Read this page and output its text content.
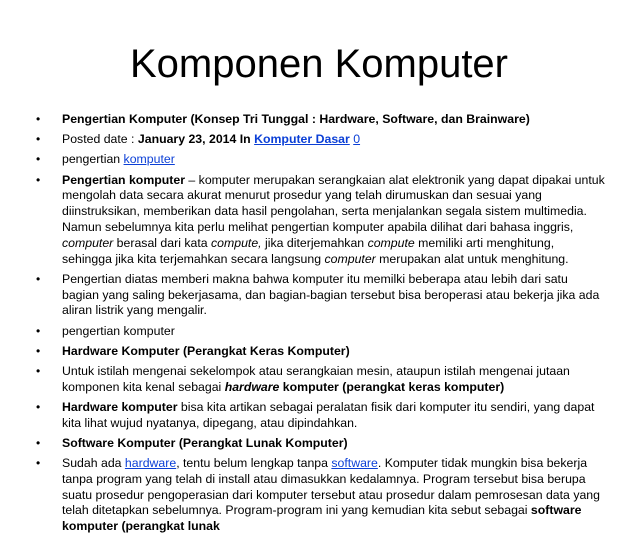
Komponen Komputer
• Pengertian Komputer (Konsep Tri Tunggal : Hardware, Software, dan Brainware)
• Posted date : January 23, 2014 In Komputer Dasar 0
• pengertian komputer
• Pengertian komputer – komputer merupakan serangkaian alat elektronik yang dapat dipakai untuk mengolah data secara akurat menurut prosedur yang telah dirumuskan dan sesuai yang diinstruksikan, memberikan data hasil pengolahan, serta menjalankan segala sistem multimedia. Namun sebelumnya kita perlu melihat pengertian komputer apabila dilihat dari bahasa inggris, computer berasal dari kata compute, jika diterjemahkan compute memiliki arti menghitung, sehingga jika kita terjemahkan secara langsung computer merupakan alat untuk menghitung.
• Pengertian diatas memberi makna bahwa komputer itu memilki beberapa atau lebih dari satu bagian yang saling bekerjasama, dan bagian-bagian tersebut bisa beroperasi atau bekerja jika ada aliran listrik yang mengalir.
• pengertian komputer
• Hardware Komputer (Perangkat Keras Komputer)
• Untuk istilah mengenai sekelompok atau serangkaian mesin, ataupun istilah mengenai jutaan komponen kita kenal sebagai hardware komputer (perangkat keras komputer)
• Hardware komputer bisa kita artikan sebagai peralatan fisik dari komputer itu sendiri, yang dapat kita lihat wujud nyatanya, dipegang, atau dipindahkan.
• Software Komputer (Perangkat Lunak Komputer)
• Sudah ada hardware, tentu belum lengkap tanpa software. Komputer tidak mungkin bisa bekerja tanpa program yang telah di install atau dimasukkan kedalamnya. Program tersebut bisa berupa suatu prosedur pengoperasian dari komputer tersebut atau prosedur dalam pemrosesan data yang telah ditetapkan sebelumnya. Program-program ini yang kemudian kita sebut sebagai software komputer (perangkat lunak
